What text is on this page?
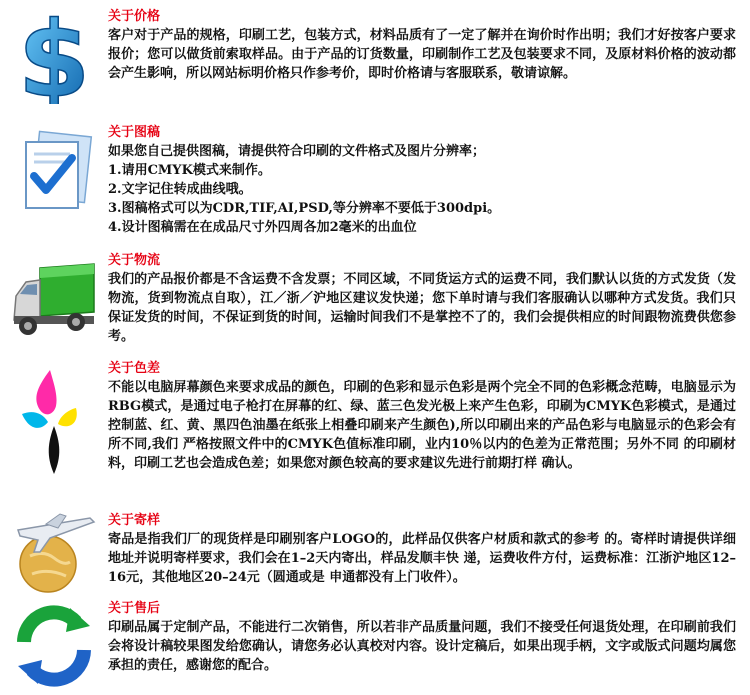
$ 关于价格
客户对于产品的规格，印刷工艺，包装方式，材料品质有了一定了解并在询价时作出明；我们才好按客户要求报价；您可以做货前索取样品。由于产品的订货数量，印刷制作工艺及包装要求不同，及原材料价格的波动都会产生影响，所以网站标明价格只作参考价，即时价格请与客服联系，敬请谅解。
关于图稿
如果您自己提供图稿，请提供符合印刷的文件格式及图片分辨率；
1.请用CMYK模式来制作。
2.文字记住转成曲线哦。
3.图稿格式可以为CDR,TIF,AI,PSD,等分辨率不要低于300dpi。
4.设计图稿需在在成品尺寸外四周各加2毫米的出血位
关于物流
我们的产品报价都是不含运费不含发票；不同区域，不同货运方式的运费不同，我们默认以货的方式发货（发物流，货到物流点自取），江／浙／沪地区建议发快递；您下单时请与我们客服确认以哪种方式发货。我们只保证发货的时间，不保证到货的时间，运输时间我们不是掌控不了的，我们会提供相应的时间跟物流费供您参考。
关于色差
不能以电脑屏幕颜色来要求成品的颜色，印刷的色彩和显示色彩是两个完全不同的色彩概念范畴，电脑显示为RBG模式，是通过电子枪打在屏幕的红、绿、蓝三色发光极上来产生色彩，印刷为CMYK色彩模式，是通过控制蓝、红、黄、黑四色油墨在纸张上相叠印刷来产生颜色),所以印刷出来的产品色彩与电脑显示的色彩会有所不同,我们 严格按照文件中的CMYK色值标准印刷，业内10％以内的色差为正常范围；另外不同 的印刷材料，印刷工艺也会造成色差；如果您对颜色较高的要求建议先进行前期打样 确认。
关于寄样
寄品是指我们厂的现货样是印刷别客户LOGO的，此样品仅供客户材质和款式的参考 的。寄样时请提供详细地址并说明寄样要求，我们会在1–2天内寄出，样品发顺丰快 递，运费收件方付，运费标准：江浙沪地区12–16元，其他地区20–24元（圆通或是 申通都没有上门收件）。
关于售后
印刷品属于定制产品，不能进行二次销售，所以若非产品质量问题，我们不接受任何退货处理，在印刷前我们会将设计稿较果图发给您确认，请您务必认真校对内容。设计定稿后，如果出现手柄，文字或版式问题均属您承担的责任，感谢您的配合。
